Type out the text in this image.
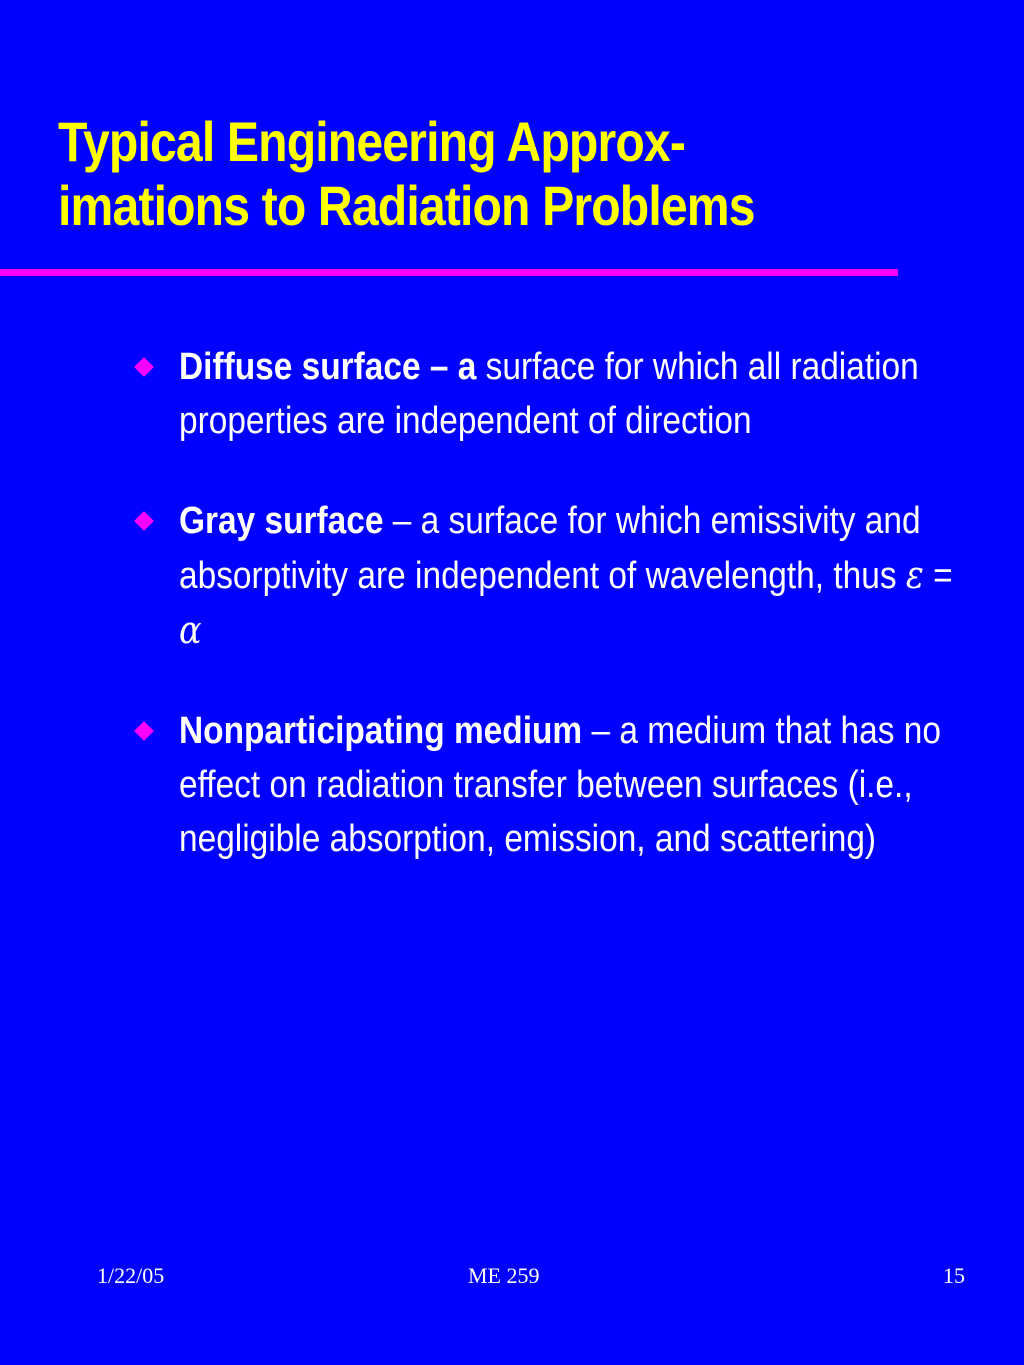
Typical Engineering Approx-
imations to Radiation Problems
Diffuse surface – a surface for which all radiation properties are independent of direction
Gray surface – a surface for which emissivity and absorptivity are independent of wavelength, thus ε = α
Nonparticipating medium – a medium that has no effect on radiation transfer between surfaces (i.e., negligible absorption, emission, and scattering)
1/22/05	ME 259	15
